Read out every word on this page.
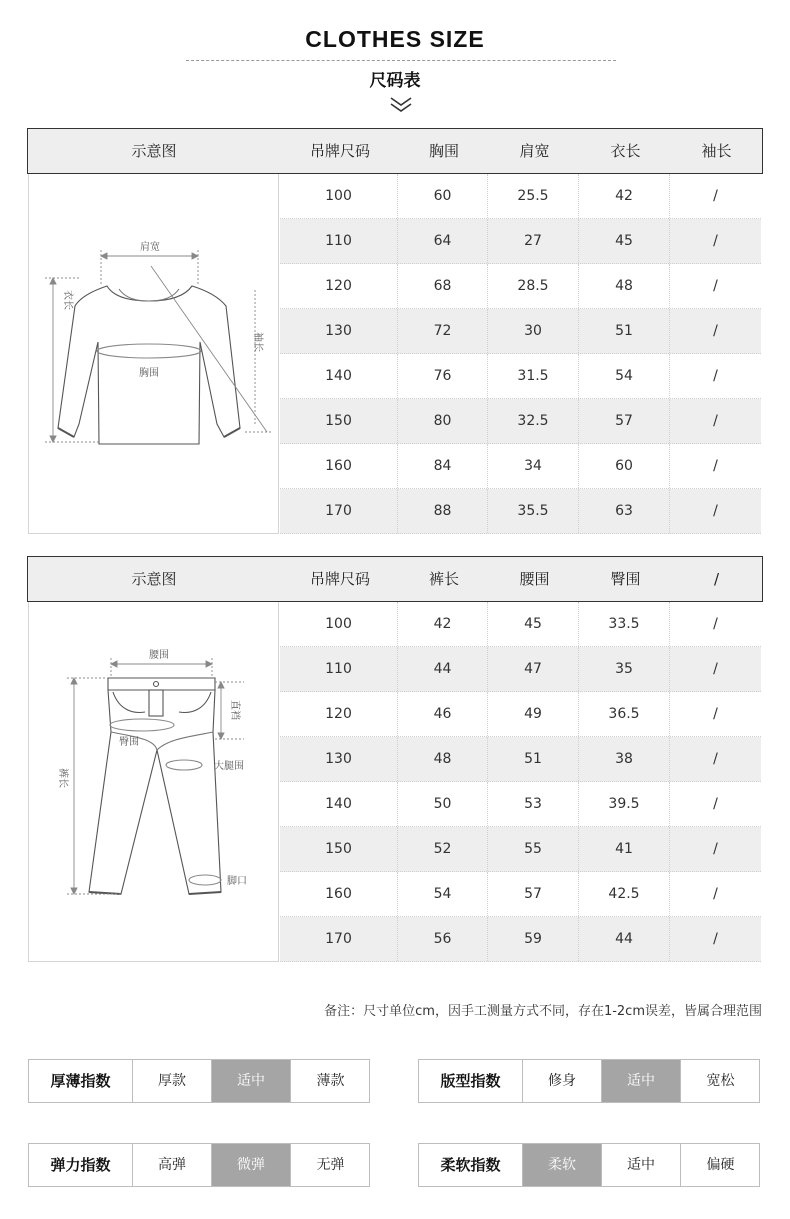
CLOTHES SIZE
尺码表
示意图	吊牌尺码	胸围	肩宽	衣长	袖长
肩宽
胸围
衣长
袖长
100	60	25.5	42	/
110	64	27	45	/
120	68	28.5	48	/
130	72	30	51	/
140	76	31.5	54	/
150	80	32.5	57	/
160	84	34	60	/
170	88	35.5	63	/
示意图	吊牌尺码	裤长	腰围	臀围	/
腰围
直裆
臀围
大腿围
裤长
脚口
100	42	45	33.5	/
110	44	47	35	/
120	46	49	36.5	/
130	48	51	38	/
140	50	53	39.5	/
150	52	55	41	/
160	54	57	42.5	/
170	56	59	44	/
备注：尺寸单位cm，因手工测量方式不同，存在1-2cm误差，皆属合理范围
厚薄指数	厚款	适中	薄款	版型指数	修身	适中	宽松
弹力指数	高弹	微弹	无弹	柔软指数	柔软	适中	偏硬
